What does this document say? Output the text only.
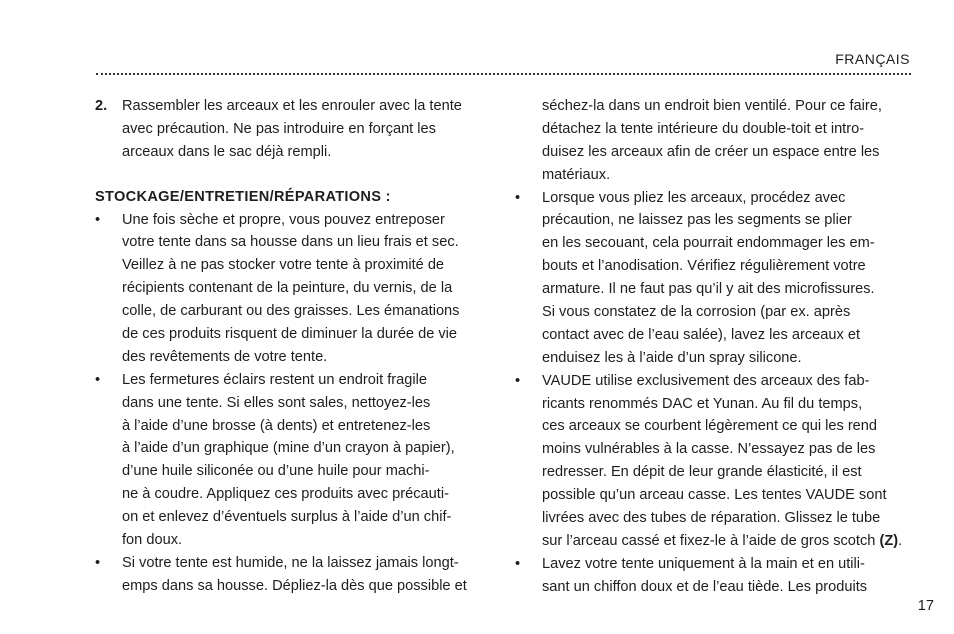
FRANÇAIS
2. Rassembler les arceaux et les enrouler avec la tente
avec précaution. Ne pas introduire en forçant les
arceaux dans le sac déjà rempli.
STOCKAGE/ENTRETIEN/RÉPARATIONS :
• Une fois sèche et propre, vous pouvez entreposer
votre tente dans sa housse dans un lieu frais et sec.
Veillez à ne pas stocker votre tente à proximité de
récipients contenant de la peinture, du vernis, de la
colle, de carburant ou des graisses. Les émanations
de ces produits risquent de diminuer la durée de vie
des revêtements de votre tente.
• Les fermetures éclairs restent un endroit fragile
dans une tente. Si elles sont sales, nettoyez-les
à l’aide d’une brosse (à dents) et entretenez-les
à l’aide d’un graphique (mine d’un crayon à papier),
d’une huile siliconée ou d’une huile pour machi-
ne à coudre. Appliquez ces produits avec précauti-
on et enlevez d’éventuels surplus à l’aide d’un chif-
fon doux.
• Si votre tente est humide, ne la laissez jamais longt-
emps dans sa housse. Dépliez-la dès que possible et
séchez-la dans un endroit bien ventilé. Pour ce faire,
détachez la tente intérieure du double-toit et intro-
duisez les arceaux afin de créer un espace entre les
matériaux.
• Lorsque vous pliez les arceaux, procédez avec
précaution, ne laissez pas les segments se plier
en les secouant, cela pourrait endommager les em-
bouts et l’anodisation. Vérifiez régulièrement votre
armature. Il ne faut pas qu’il y ait des microfissures.
Si vous constatez de la corrosion (par ex. après
contact avec de l’eau salée), lavez les arceaux et
enduisez les à l’aide d’un spray silicone.
• VAUDE utilise exclusivement des arceaux des fab-
ricants renommés DAC et Yunan. Au fil du temps,
ces arceaux se courbent légèrement ce qui les rend
moins vulnérables à la casse. N’essayez pas de les
redresser. En dépit de leur grande élasticité, il est
possible qu’un arceau casse. Les tentes VAUDE sont
livrées avec des tubes de réparation. Glissez le tube
sur l’arceau cassé et fixez-le à l’aide de gros scotch (Z).
• Lavez votre tente uniquement à la main et en utili-
sant un chiffon doux et de l’eau tiède. Les produits
17
